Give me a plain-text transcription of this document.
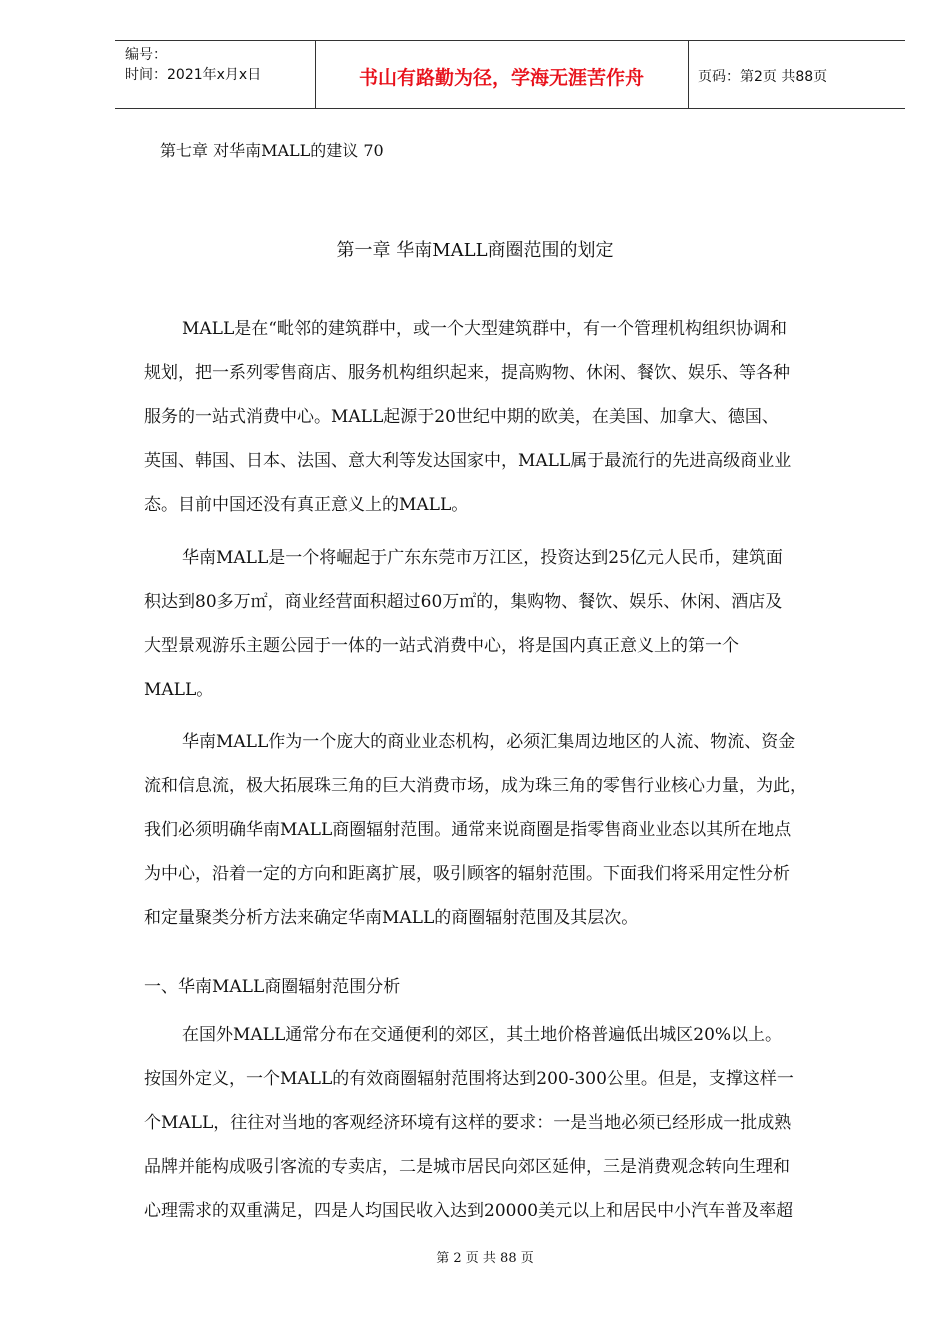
编号：
时间：2021年x月x日	书山有路勤为径，学海无涯苦作舟	页码：第2页 共88页
第七章 对华南MALL的建议 70
第一章 华南MALL商圈范围的划定
MALL是在“毗邻的建筑群中，或一个大型建筑群中，有一个管理机构组织协调和
规划，把一系列零售商店、服务机构组织起来，提高购物、休闲、餐饮、娱乐、等各种
服务的一站式消费中心。MALL起源于20世纪中期的欧美，在美国、加拿大、德国、
英国、韩国、日本、法国、意大利等发达国家中，MALL属于最流行的先进高级商业业
态。目前中国还没有真正意义上的MALL。
华南MALL是一个将崛起于广东东莞市万江区，投资达到25亿元人民币，建筑面
积达到80多万㎡，商业经营面积超过60万㎡的，集购物、餐饮、娱乐、休闲、酒店及
大型景观游乐主题公园于一体的一站式消费中心，将是国内真正意义上的第一个
MALL。
华南MALL作为一个庞大的商业业态机构，必须汇集周边地区的人流、物流、资金
流和信息流，极大拓展珠三角的巨大消费市场，成为珠三角的零售行业核心力量，为此，
我们必须明确华南MALL商圈辐射范围。通常来说商圈是指零售商业业态以其所在地点
为中心，沿着一定的方向和距离扩展，吸引顾客的辐射范围。下面我们将采用定性分析
和定量聚类分析方法来确定华南MALL的商圈辐射范围及其层次。
一、华南MALL商圈辐射范围分析
在国外MALL通常分布在交通便利的郊区，其土地价格普遍低出城区20%以上。
按国外定义，一个MALL的有效商圈辐射范围将达到200-300公里。但是，支撑这样一
个MALL，往往对当地的客观经济环境有这样的要求：一是当地必须已经形成一批成熟
品牌并能构成吸引客流的专卖店，二是城市居民向郊区延伸，三是消费观念转向生理和
心理需求的双重满足，四是人均国民收入达到20000美元以上和居民中小汽车普及率超
第 2 页 共 88 页
